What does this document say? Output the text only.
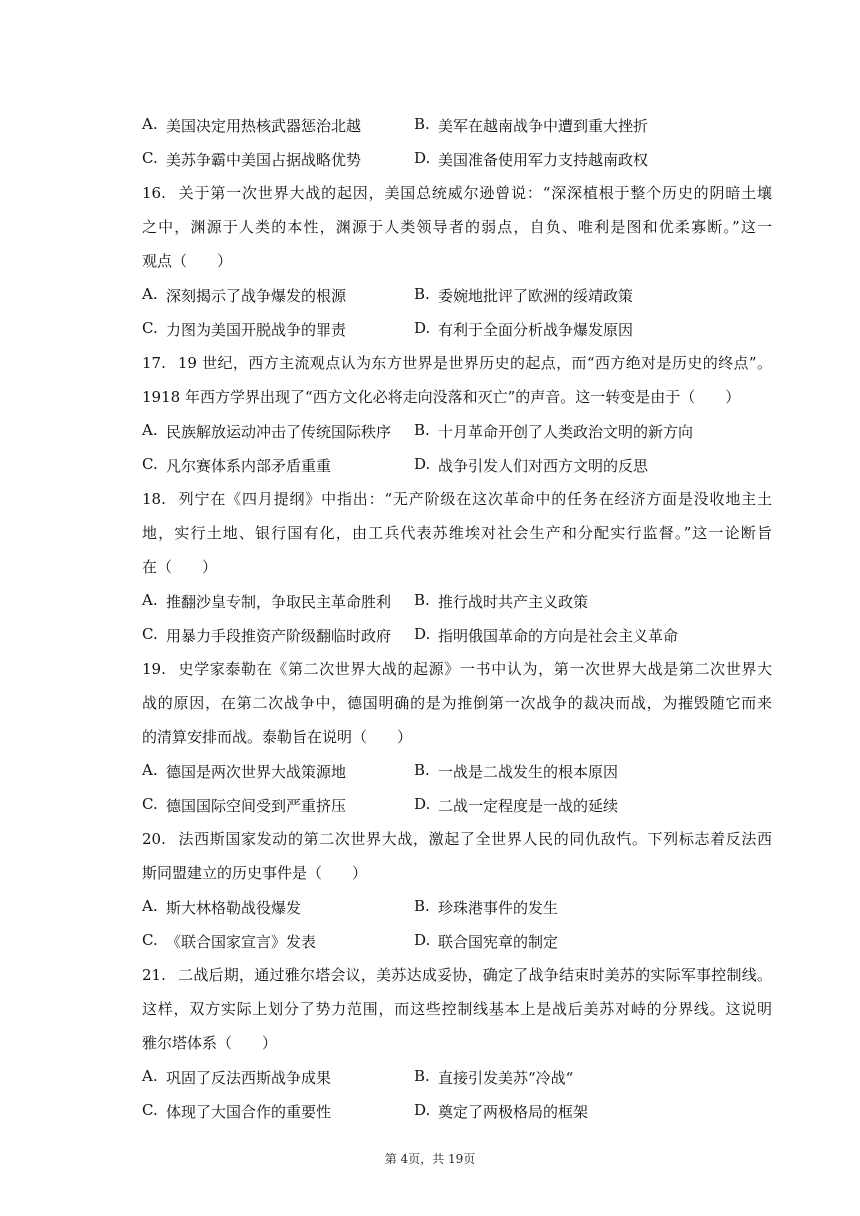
A. 美国决定用热核武器惩治北越	B. 美军在越南战争中遭到重大挫折
C. 美苏争霸中美国占据战略优势	D. 美国准备使用军力支持越南政权
16. 关于第一次世界大战的起因，美国总统威尔逊曾说：“深深植根于整个历史的阴暗土壤
之中，渊源于人类的本性，渊源于人类领导者的弱点，自负、唯利是图和优柔寡断。”这一
观点（　　）
A. 深刻揭示了战争爆发的根源	B. 委婉地批评了欧洲的绥靖政策
C. 力图为美国开脱战争的罪责	D. 有利于全面分析战争爆发原因
17. 19 世纪，西方主流观点认为东方世界是世界历史的起点，而“西方绝对是历史的终点”。
1918 年西方学界出现了“西方文化必将走向没落和灭亡”的声音。这一转变是由于（　　）
A. 民族解放运动冲击了传统国际秩序 B. 十月革命开创了人类政治文明的新方向
C. 凡尔赛体系内部矛盾重重	D. 战争引发人们对西方文明的反思
18. 列宁在《四月提纲》中指出：“无产阶级在这次革命中的任务在经济方面是没收地主土
地，实行土地、银行国有化，由工兵代表苏维埃对社会生产和分配实行监督。”这一论断旨
在（　　）
A. 推翻沙皇专制，争取民主革命胜利 B. 推行战时共产主义政策
C. 用暴力手段推资产阶级翻临时政府 D. 指明俄国革命的方向是社会主义革命
19. 史学家泰勒在《第二次世界大战的起源》一书中认为，第一次世界大战是第二次世界大
战的原因，在第二次战争中，德国明确的是为推倒第一次战争的裁决而战，为摧毁随它而来
的清算安排而战。泰勒旨在说明（　　）
A. 德国是两次世界大战策源地	B. 一战是二战发生的根本原因
C. 德国国际空间受到严重挤压	D. 二战一定程度是一战的延续
20. 法西斯国家发动的第二次世界大战，激起了全世界人民的同仇敌忾。下列标志着反法西
斯同盟建立的历史事件是（　　）
A. 斯大林格勒战役爆发	B. 珍珠港事件的发生
C. 《联合国家宣言》发表	D. 联合国宪章的制定
21. 二战后期，通过雅尔塔会议，美苏达成妥协，确定了战争结束时美苏的实际军事控制线。
这样，双方实际上划分了势力范围，而这些控制线基本上是战后美苏对峙的分界线。这说明
雅尔塔体系（　　）
A. 巩固了反法西斯战争成果	B. 直接引发美苏“冷战“
C. 体现了大国合作的重要性	D. 奠定了两极格局的框架
第 4页，共 19页
